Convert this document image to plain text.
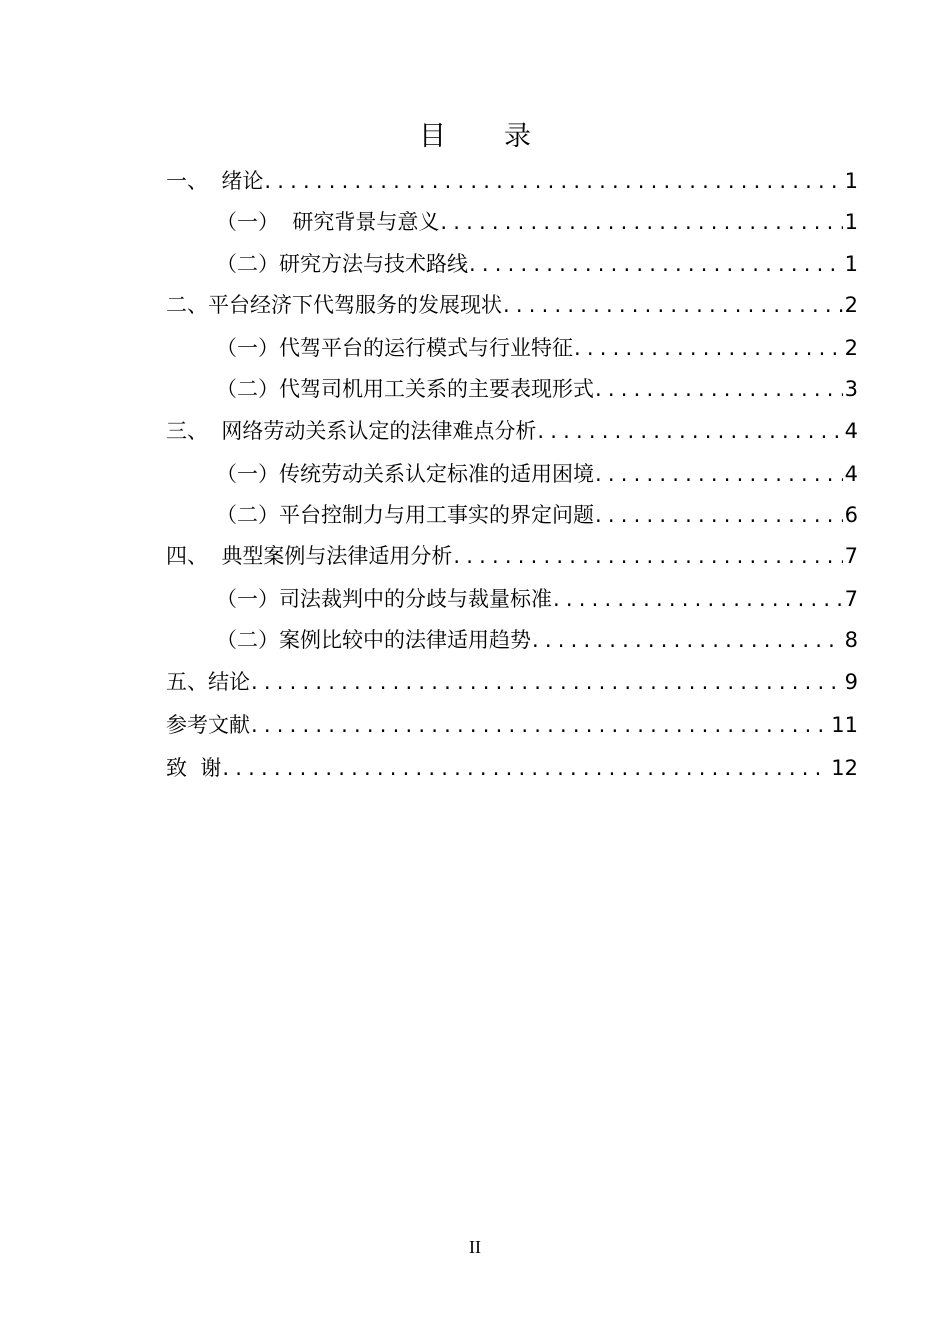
目 录
一、  绪论 .....	1
（一）  研究背景与意义 .....	1
（二）研究方法与技术路线 .....	1
二、平台经济下代驾服务的发展现状 .....	2
（一）代驾平台的运行模式与行业特征 .....	2
（二）代驾司机用工关系的主要表现形式 .....	3
三、  网络劳动关系认定的法律难点分析 .....	4
（一）传统劳动关系认定标准的适用困境 .....	4
（二）平台控制力与用工事实的界定问题 .....	6
四、  典型案例与法律适用分析 .....	7
（一）司法裁判中的分歧与裁量标准 .....	7
（二）案例比较中的法律适用趋势 .....	8
五、结论 .....	9
参考文献 .....	11
致  谢 .....	12
II
